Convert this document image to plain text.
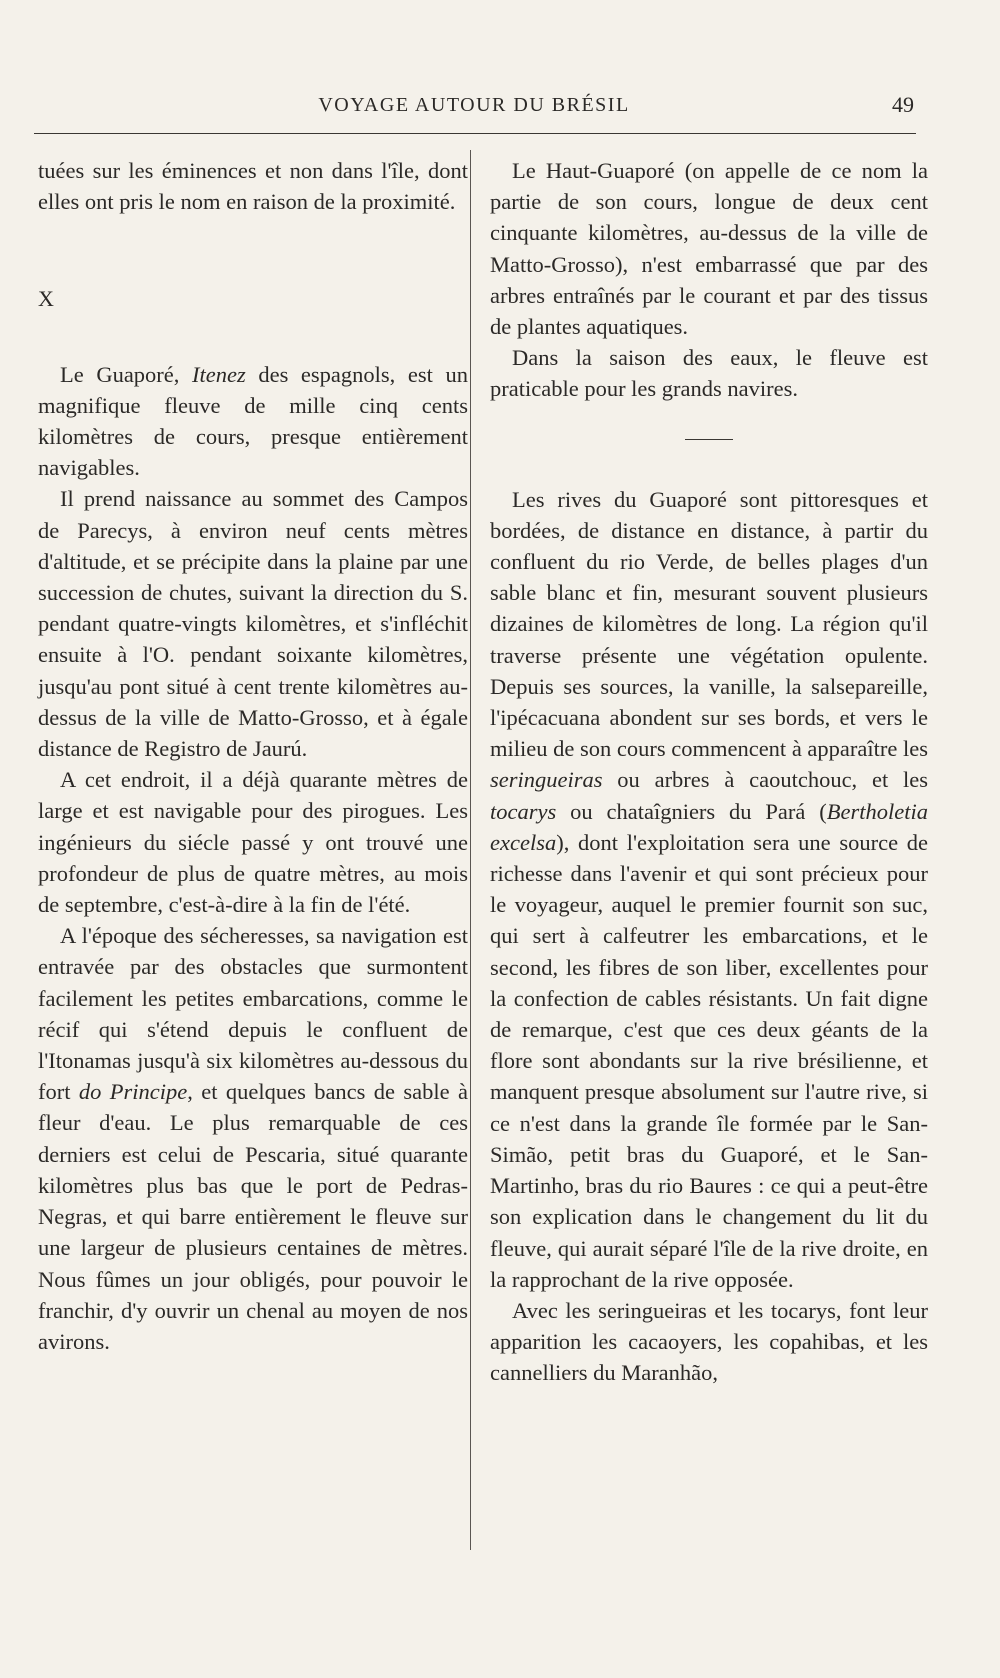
VOYAGE AUTOUR DU BRÉSIL	49

tuées sur les éminences et non dans l'île, dont elles ont pris le nom en raison de la proximité.

X

Le Guaporé, Itenez des espagnols, est un magnifique fleuve de mille cinq cents kilomètres de cours, presque entièrement navigables.

Il prend naissance au sommet des Campos de Parecys, à environ neuf cents mètres d'altitude, et se précipite dans la plaine par une succession de chutes, suivant la direction du S. pendant quatre-vingts kilomètres, et s'infléchit ensuite à l'O. pendant soixante kilomètres, jusqu'au pont situé à cent trente kilomètres au-dessus de la ville de Matto-Grosso, et à égale distance de Registro de Jaurú.

A cet endroit, il a déjà quarante mètres de large et est navigable pour des pirogues. Les ingénieurs du siécle passé y ont trouvé une profondeur de plus de quatre mètres, au mois de septembre, c'est-à-dire à la fin de l'été.

A l'époque des sécheresses, sa navigation est entravée par des obstacles que surmontent facilement les petites embarcations, comme le récif qui s'étend depuis le confluent de l'Itonamas jusqu'à six kilomètres au-dessous du fort do Principe, et quelques bancs de sable à fleur d'eau. Le plus remarquable de ces derniers est celui de Pescaria, situé quarante kilomètres plus bas que le port de Pedras-Negras, et qui barre entièrement le fleuve sur une largeur de plusieurs centaines de mètres. Nous fûmes un jour obligés, pour pouvoir le franchir, d'y ouvrir un chenal au moyen de nos avirons.

Le Haut-Guaporé (on appelle de ce nom la partie de son cours, longue de deux cent cinquante kilomètres, au-dessus de la ville de Matto-Grosso), n'est embarrassé que par des arbres entraînés par le courant et par des tissus de plantes aquatiques.

Dans la saison des eaux, le fleuve est praticable pour les grands navires.

Les rives du Guaporé sont pittoresques et bordées, de distance en distance, à partir du confluent du rio Verde, de belles plages d'un sable blanc et fin, mesurant souvent plusieurs dizaines de kilomètres de long. La région qu'il traverse présente une végétation opulente. Depuis ses sources, la vanille, la salsepareille, l'ipécacuana abondent sur ses bords, et vers le milieu de son cours commencent à apparaître les seringueiras ou arbres à caoutchouc, et les tocarys ou chataîgniers du Pará (Bertholetia excelsa), dont l'exploitation sera une source de richesse dans l'avenir et qui sont précieux pour le voyageur, auquel le premier fournit son suc, qui sert à calfeutrer les embarcations, et le second, les fibres de son liber, excellentes pour la confection de cables résistants. Un fait digne de remarque, c'est que ces deux géants de la flore sont abondants sur la rive brésilienne, et manquent presque absolument sur l'autre rive, si ce n'est dans la grande île formée par le San-Simão, petit bras du Guaporé, et le San-Martinho, bras du rio Baures : ce qui a peut-être son explication dans le changement du lit du fleuve, qui aurait séparé l'île de la rive droite, en la rapprochant de la rive opposée.

Avec les seringueiras et les tocarys, font leur apparition les cacaoyers, les copahibas, et les cannelliers du Maranhão,
